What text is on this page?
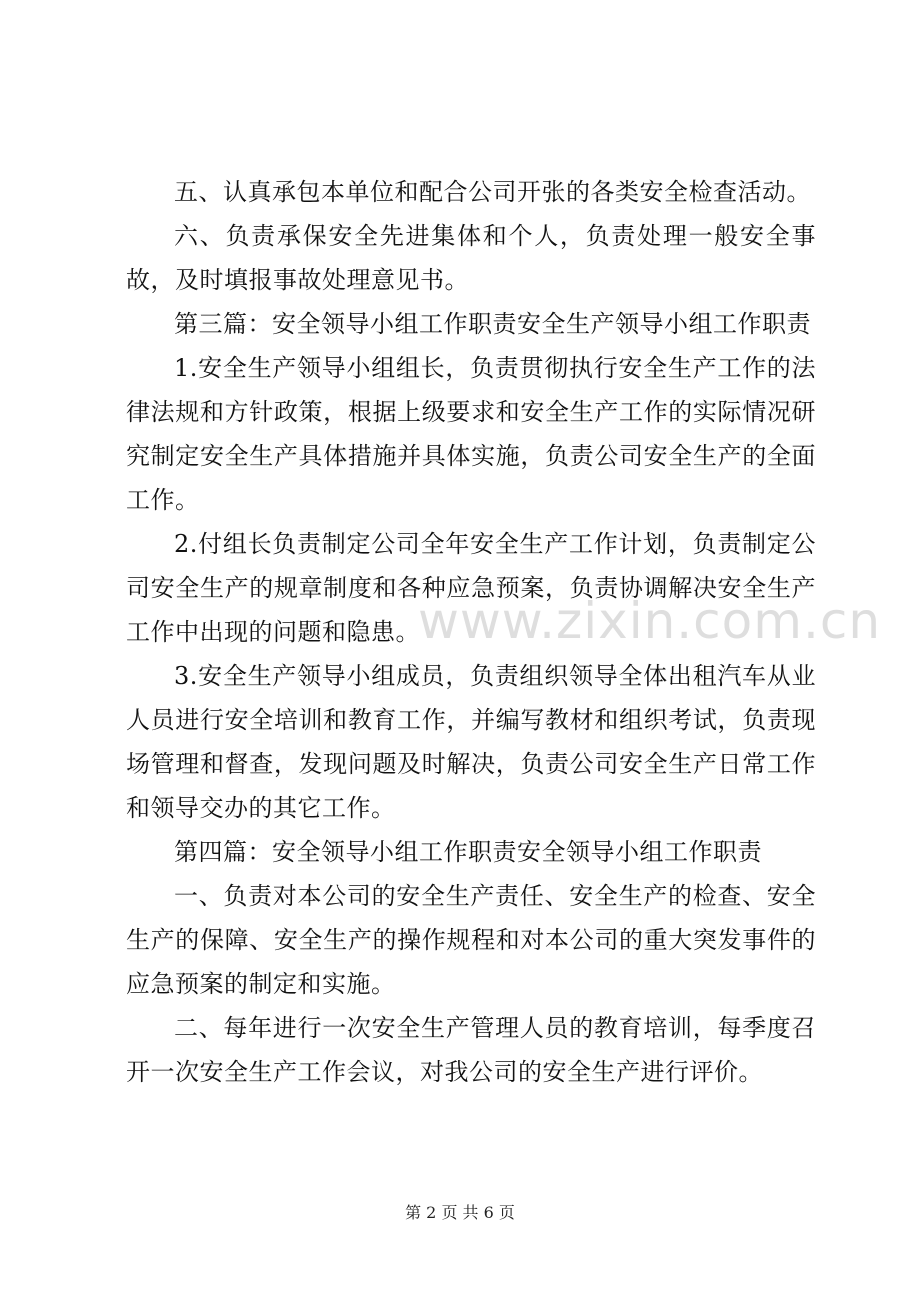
五、认真承包本单位和配合公司开张的各类安全检查活动。

六、负责承保安全先进集体和个人，负责处理一般安全事故，及时填报事故处理意见书。

第三篇：安全领导小组工作职责安全生产领导小组工作职责

1.安全生产领导小组组长，负责贯彻执行安全生产工作的法律法规和方针政策，根据上级要求和安全生产工作的实际情况研究制定安全生产具体措施并具体实施，负责公司安全生产的全面工作。

2.付组长负责制定公司全年安全生产工作计划，负责制定公司安全生产的规章制度和各种应急预案，负责协调解决安全生产工作中出现的问题和隐患。

3.安全生产领导小组成员，负责组织领导全体出租汽车从业人员进行安全培训和教育工作，并编写教材和组织考试，负责现场管理和督查，发现问题及时解决，负责公司安全生产日常工作和领导交办的其它工作。

第四篇：安全领导小组工作职责安全领导小组工作职责

一、负责对本公司的安全生产责任、安全生产的检查、安全生产的保障、安全生产的操作规程和对本公司的重大突发事件的应急预案的制定和实施。

二、每年进行一次安全生产管理人员的教育培训，每季度召开一次安全生产工作会议，对我公司的安全生产进行评价。

www.zixin.com.cn
第 2 页 共 6 页
